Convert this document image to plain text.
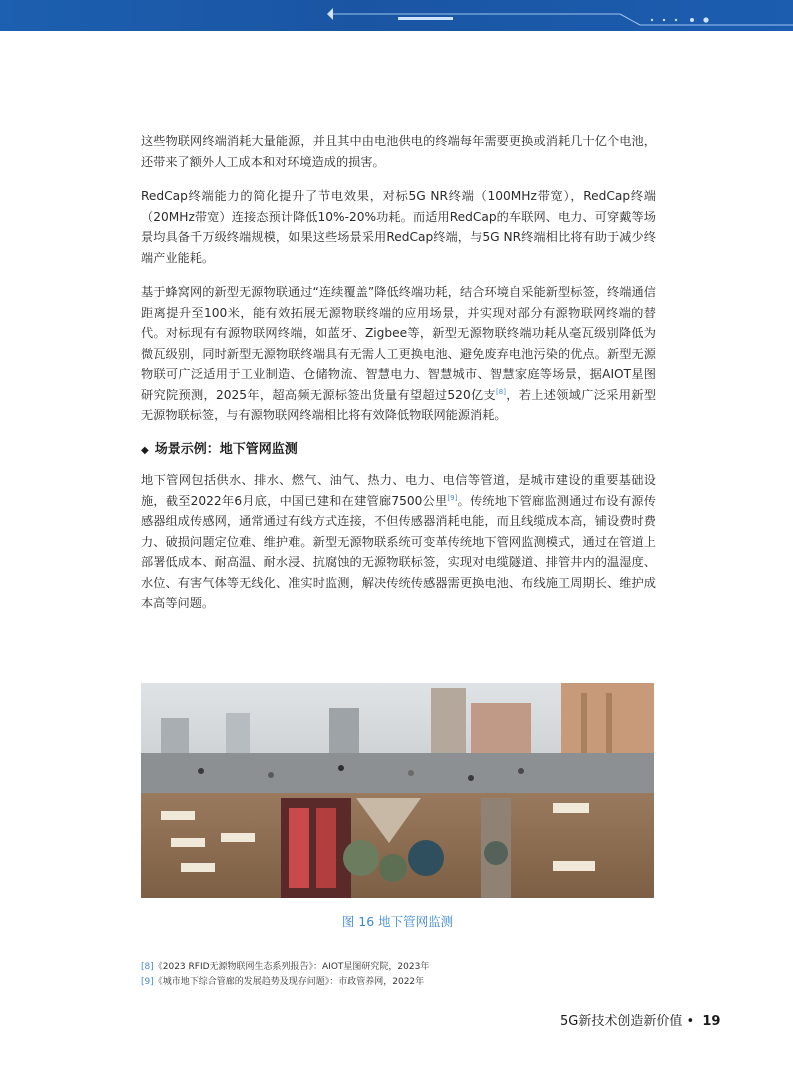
这些物联网终端消耗大量能源，并且其中由电池供电的终端每年需要更换或消耗几十亿个电池，还带来了额外人工成本和对环境造成的损害。

RedCap终端能力的简化提升了节电效果，对标5G NR终端（100MHz带宽），RedCap终端（20MHz带宽）连接态预计降低10%-20%功耗。而适用RedCap的车联网、电力、可穿戴等场景均具备千万级终端规模，如果这些场景采用RedCap终端，与5G NR终端相比将有助于减少终端产业能耗。

基于蜂窝网的新型无源物联通过“连续覆盖”降低终端功耗，结合环境自采能新型标签，终端通信距离提升至100米，能有效拓展无源物联终端的应用场景，并实现对部分有源物联网终端的替代。对标现有有源物联网终端，如蓝牙、Zigbee等，新型无源物联终端功耗从毫瓦级别降低为微瓦级别，同时新型无源物联终端具有无需人工更换电池、避免废弃电池污染的优点。新型无源物联可广泛适用于工业制造、仓储物流、智慧电力、智慧城市、智慧家庭等场景，据AIOT星图研究院预测，2025年，超高频无源标签出货量有望超过520亿支[8]，若上述领域广泛采用新型无源物联标签，与有源物联网终端相比将有效降低物联网能源消耗。

◆ 场景示例：地下管网监测

地下管网包括供水、排水、燃气、油气、热力、电力、电信等管道，是城市建设的重要基础设施，截至2022年6月底，中国已建和在建管廊7500公里[9]。传统地下管廊监测通过布设有源传感器组成传感网，通常通过有线方式连接，不但传感器消耗电能，而且线缆成本高，铺设费时费力、破损问题定位难、维护难。新型无源物联系统可变革传统地下管网监测模式，通过在管道上部署低成本、耐高温、耐水浸、抗腐蚀的无源物联标签，实现对电缆隧道、排管井内的温湿度、水位、有害气体等无线化、准实时监测，解决传统传感器需更换电池、布线施工周期长、维护成本高等问题。

图 16 地下管网监测
[8]《2023 RFID无源物联网生态系列报告》：AIOT星图研究院，2023年
[9]《城市地下综合管廊的发展趋势及现存问题》：市政管养网，2022年
5G新技术创造新价值 • 19
